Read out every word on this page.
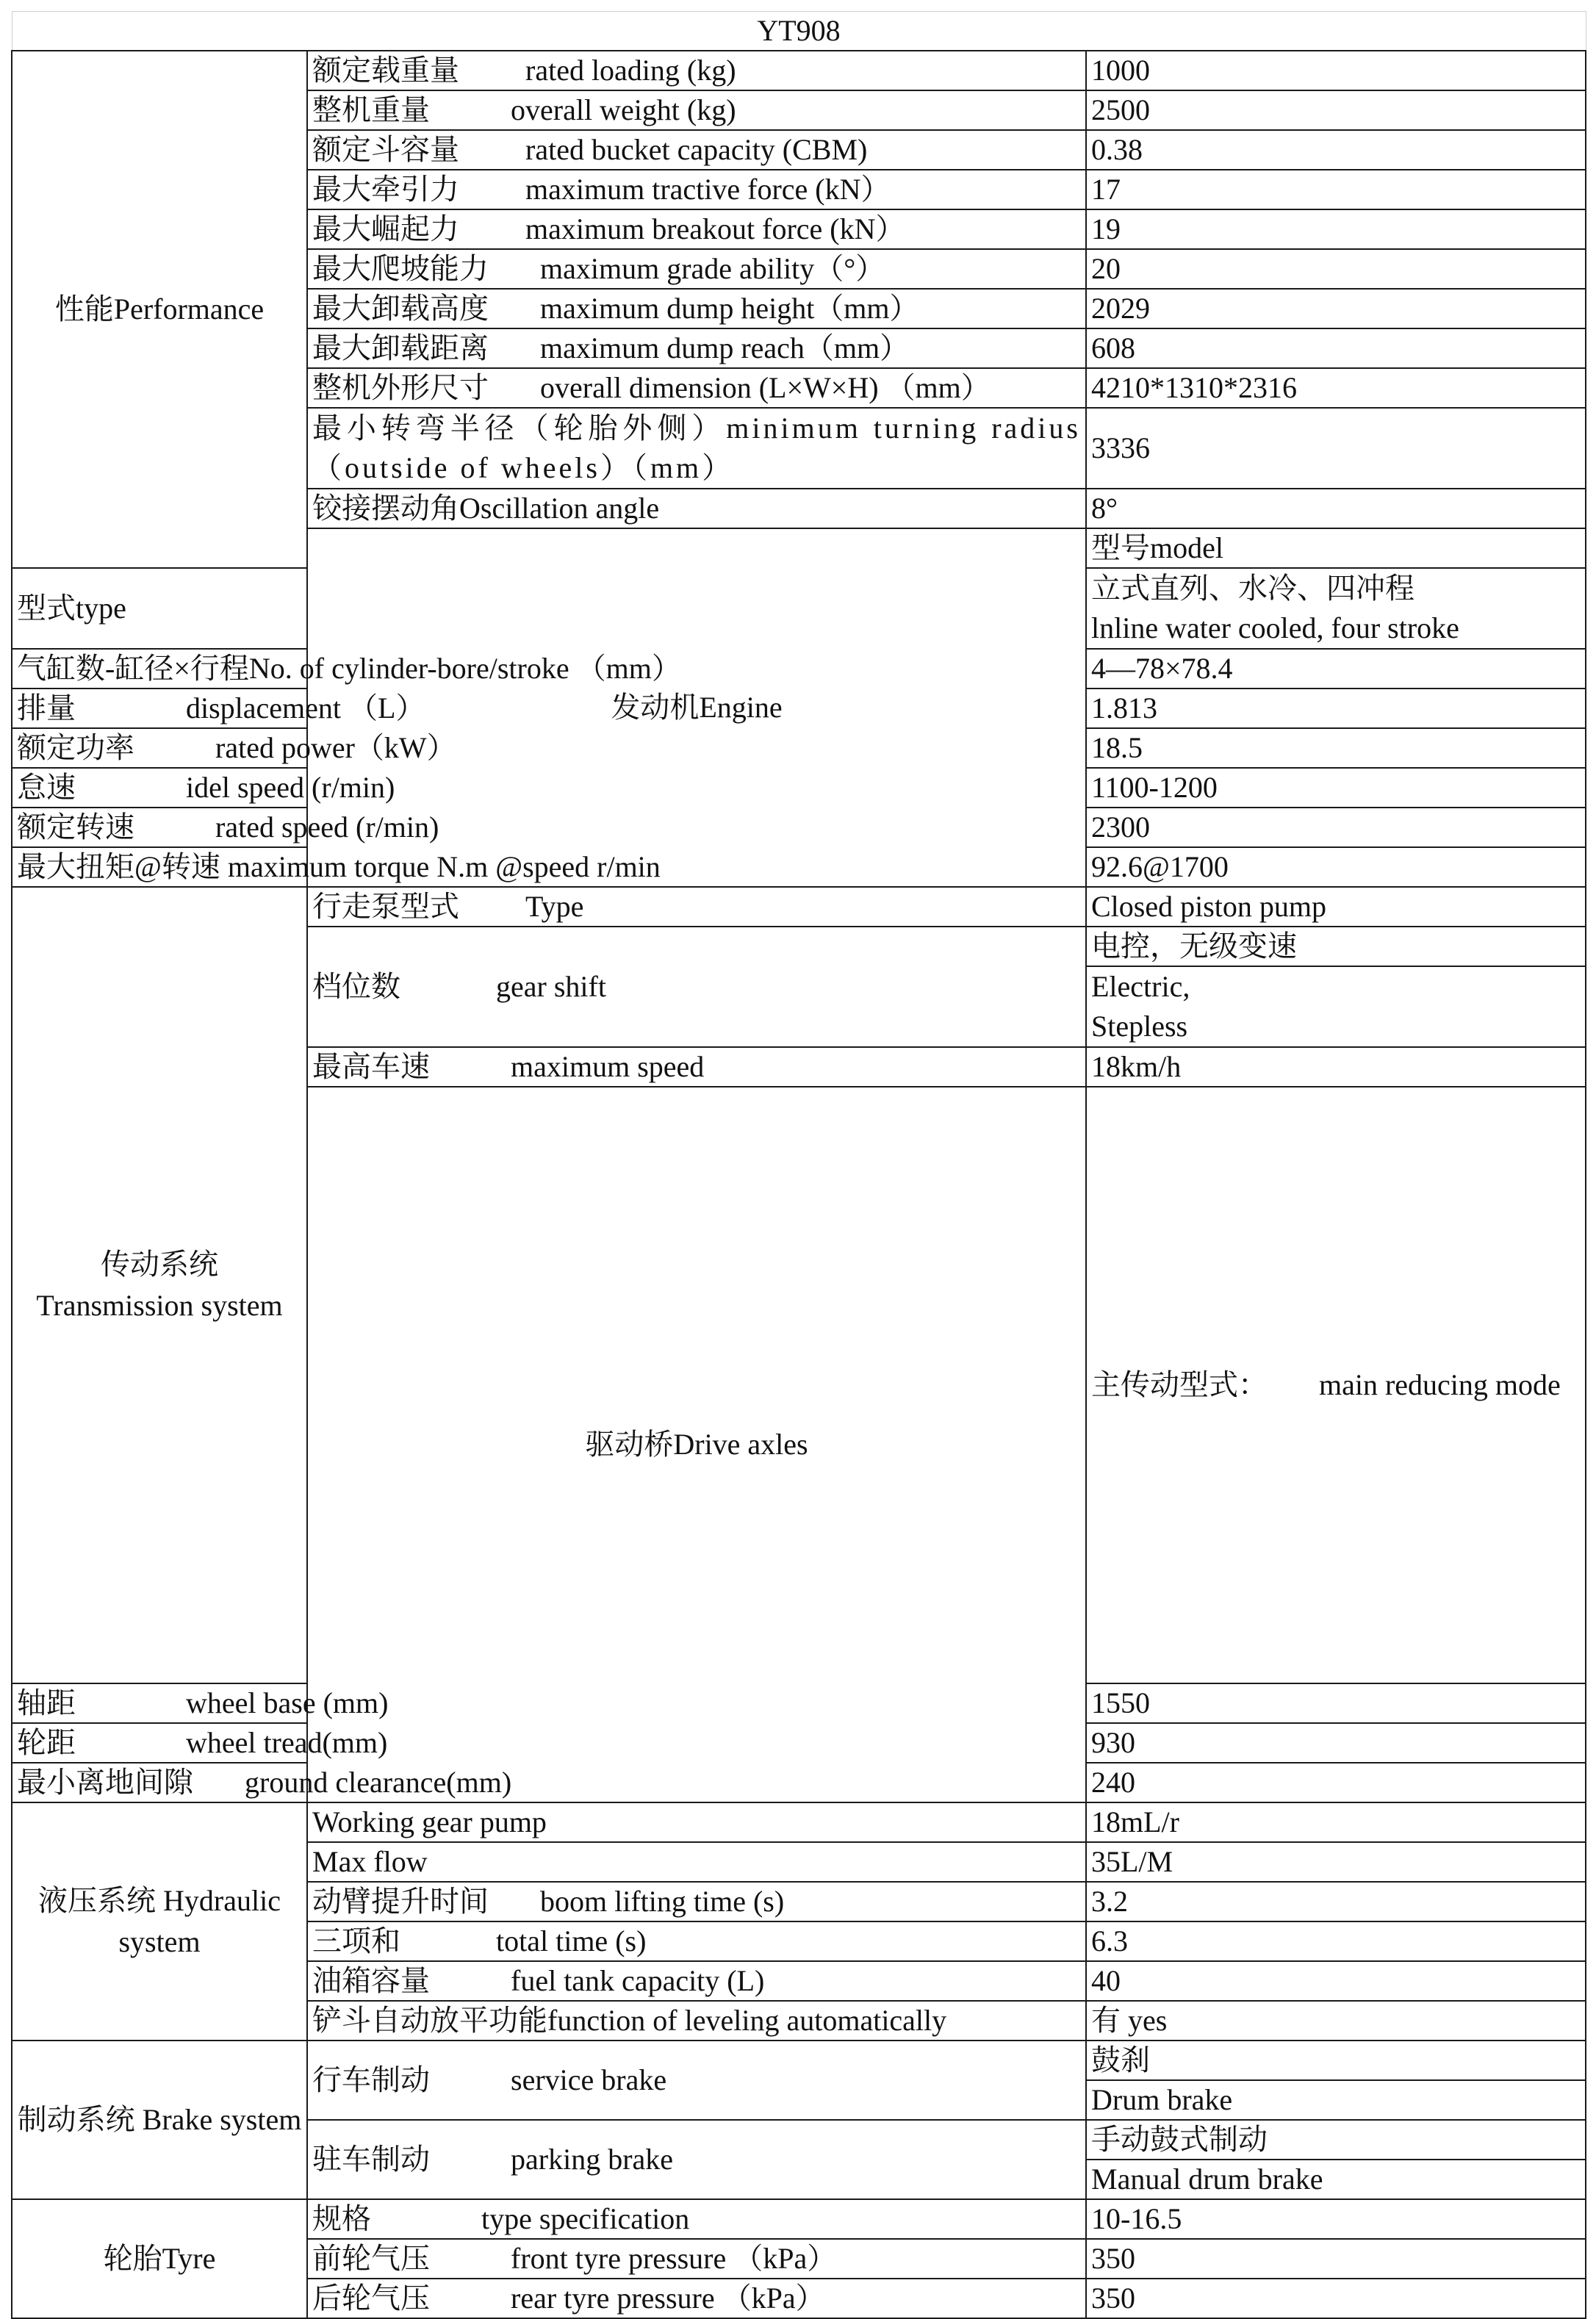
YT908			
性能Performance	额定载重量 rated loading (kg)	1000	
	整机重量 overall weight (kg)	2500	
	额定斗容量 rated bucket capacity (CBM)	0.38	
	最大牵引力 maximum tractive force (kN）	17	
	最大崛起力 maximum breakout force (kN）	19	
	最大爬坡能力 maximum grade ability（°）	20	
	最大卸载高度 maximum dump height（mm）	2029	
	最大卸载距离 maximum dump reach（mm）	608	
	整机外形尺寸 overall dimension (L×W×H) （mm）	4210*1310*2316	
	最小转弯半径（轮胎外侧）minimum turning radius（outside of wheels）（mm）	3336	
	铰接摆动角Oscillation angle	8°	
	发动机Engine	型号model	
型式type		立式直列、水冷、四冲程
lnline water cooled, four stroke	

气缸数-缸径×行程No. of cylinder-bore/stroke （mm）		4—78×78.4	
排量 displacement （L）		1.813	
额定功率 rated power（kW）		18.5	
怠速 idel speed (r/min)		1100-1200	
额定转速 rated speed (r/min)		2300	
最大扭矩@转速 maximum torque N.m @speed r/min		92.6@1700	

传动系统
Transmission system	行走泵型式 Type	Closed piston pump	
	档位数 gear shift	电控，无级变速	

		Electric,
Stepless	

	最高车速 maximum speed	18km/h	
	驱动桥Drive axles	主传动型式： main reducing mode	
轴距 wheel base (mm)		1550	
轮距 wheel tread(mm)		930	
最小离地间隙 ground clearance(mm)		240	
液压系统 Hydraulic system	Working gear pump	18mL/r	
	Max flow	35L/M	
	动臂提升时间 boom lifting time (s)	3.2	
	三项和 total time (s)	6.3	
	油箱容量 fuel tank capacity (L)	40	
	铲斗自动放平功能function of leveling automatically	有 yes	
制动系统 Brake system	行车制动 service brake	鼓刹	
		Drum brake	
	驻车制动 parking brake	手动鼓式制动	
		Manual drum brake	
轮胎Tyre	规格 type specification	10-16.5	
	前轮气压 front tyre pressure （kPa）	350	
	后轮气压 rear tyre pressure （kPa）	350	
